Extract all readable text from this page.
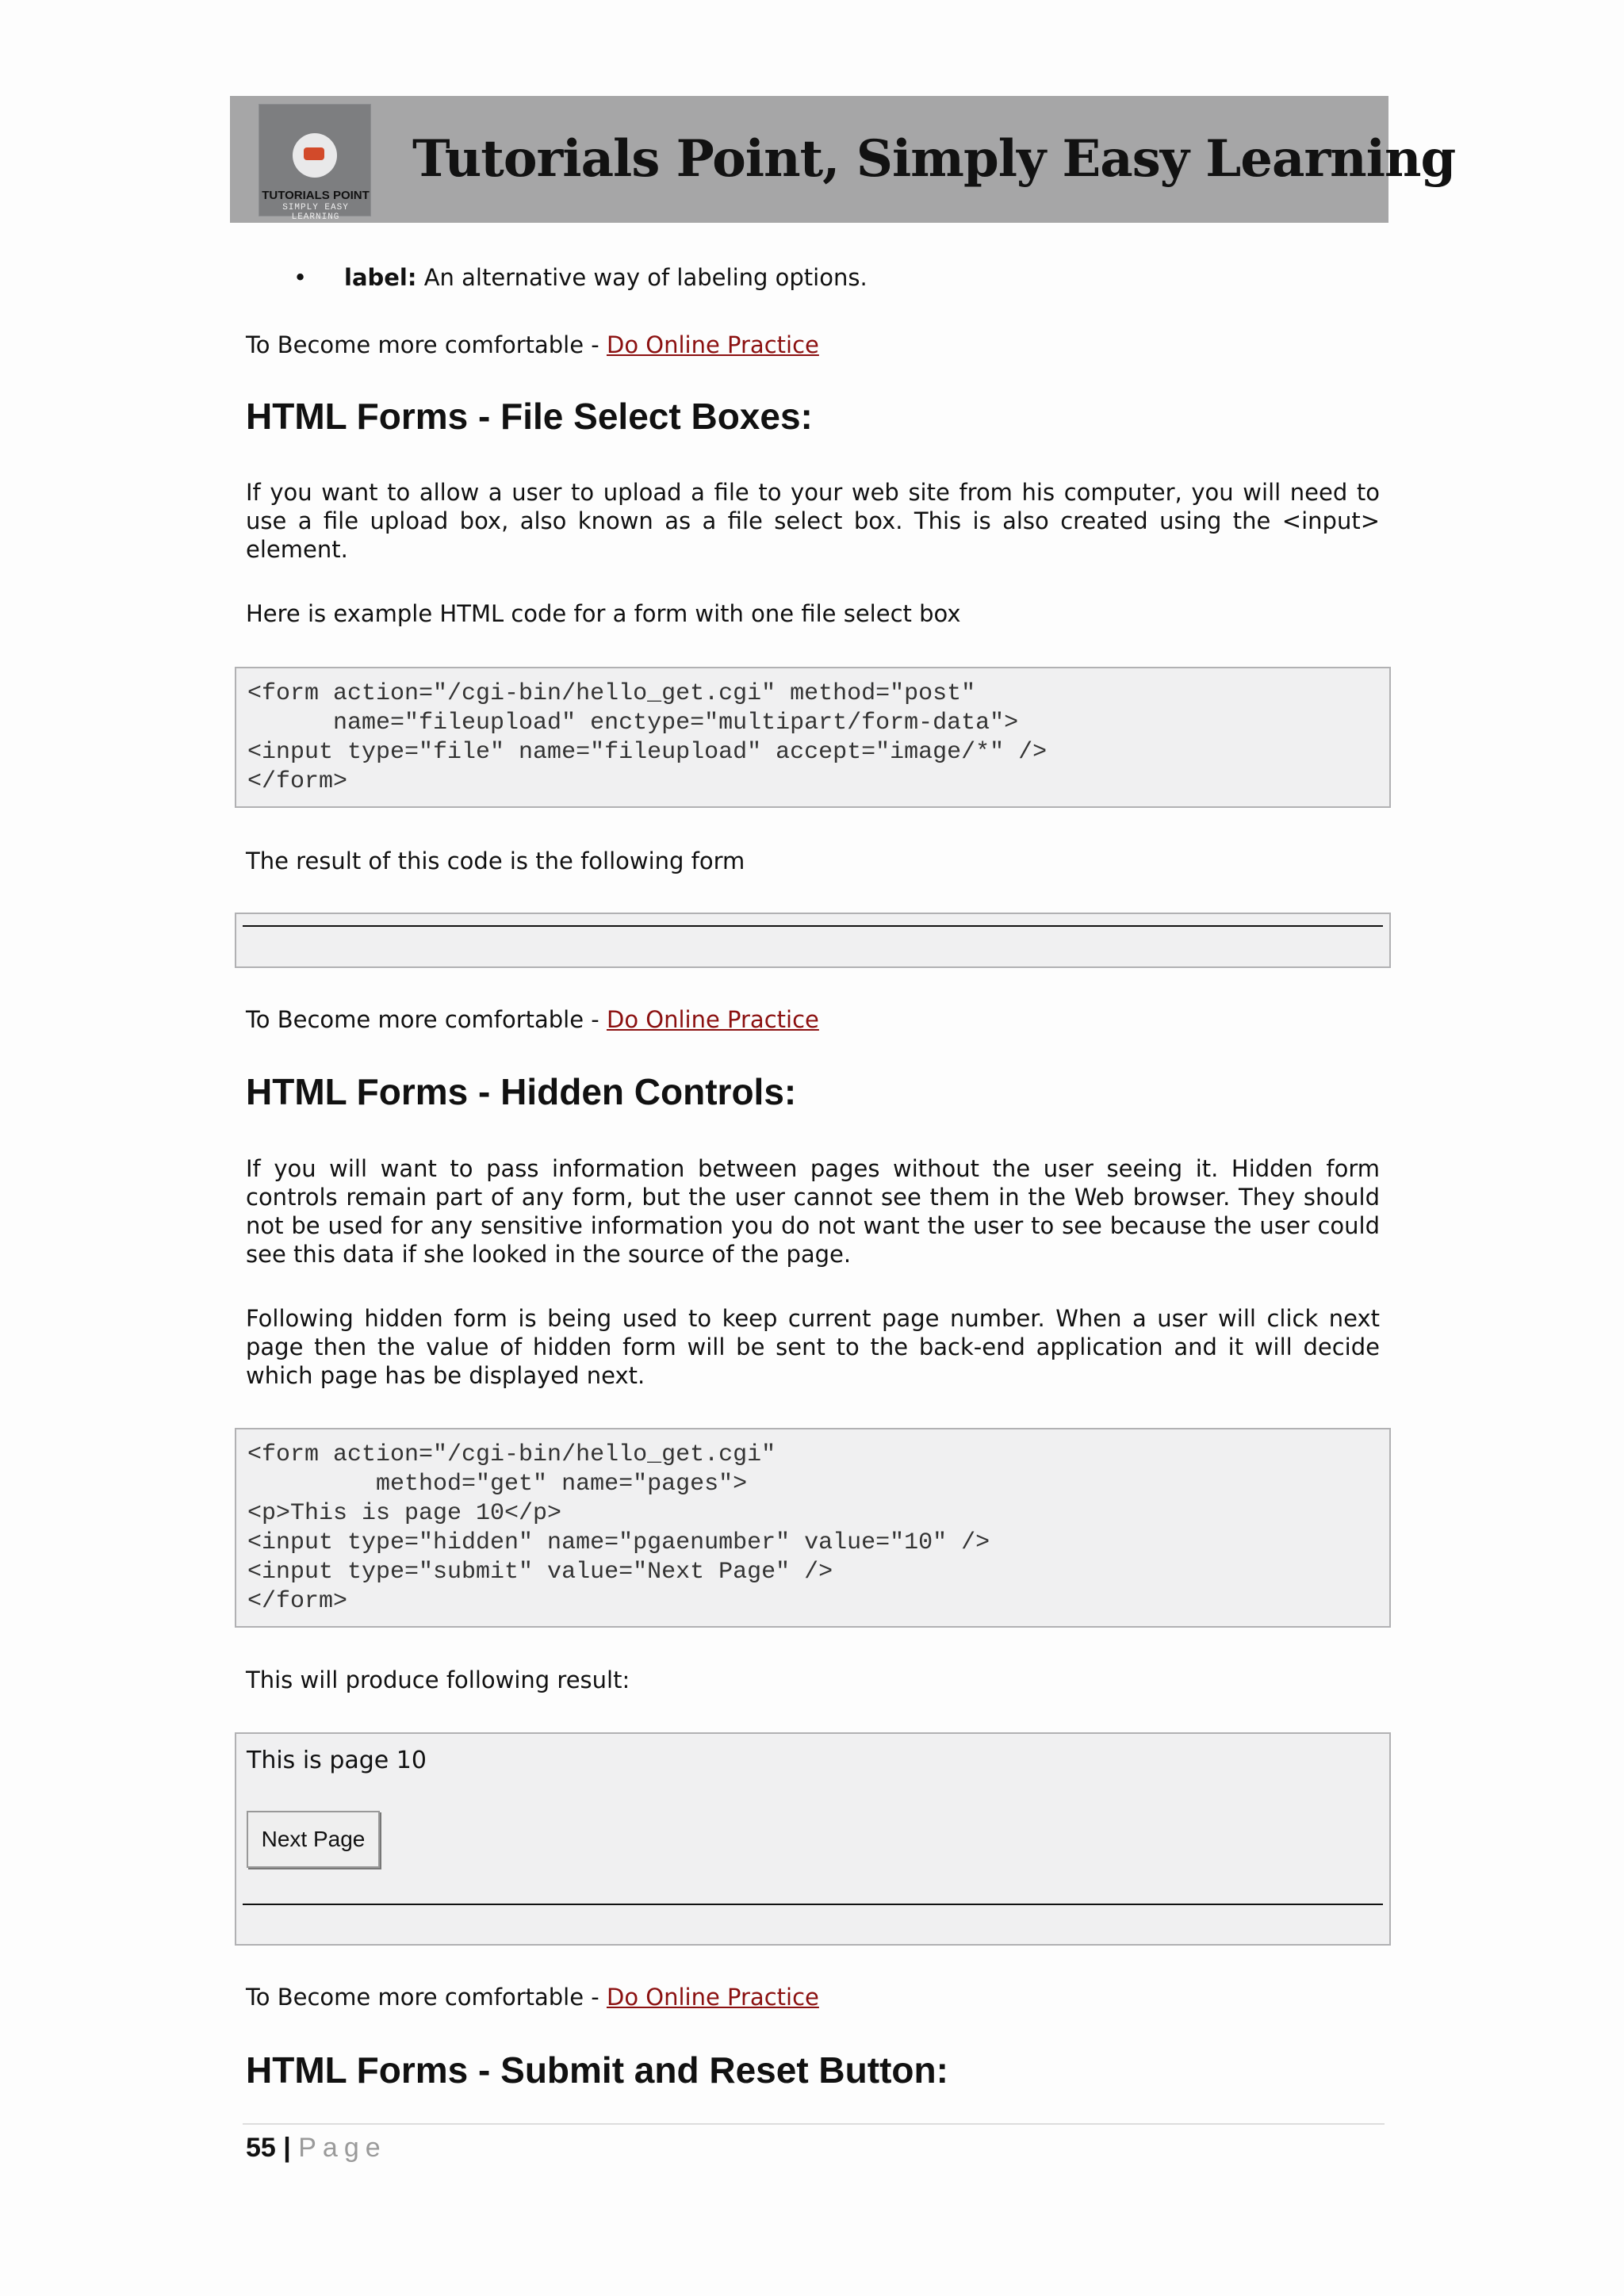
TUTORIALS POINT
SIMPLY EASY LEARNING
Tutorials Point, Simply Easy Learning
• label: An alternative way of labeling options.
To Become more comfortable - Do Online Practice
HTML Forms - File Select Boxes:
If you want to allow a user to upload a file to your web site from his computer, you will need to use a file upload box, also known as a file select box. This is also created using the <input> element.
Here is example HTML code for a form with one file select box
<form action="/cgi-bin/hello_get.cgi" method="post"
name="fileupload" enctype="multipart/form-data">
<input type="file" name="fileupload" accept="image/*" />
</form>
The result of this code is the following form
To Become more comfortable - Do Online Practice
HTML Forms - Hidden Controls:
If you will want to pass information between pages without the user seeing it. Hidden form controls remain part of any form, but the user cannot see them in the Web browser. They should not be used for any sensitive information you do not want the user to see because the user could see this data if she looked in the source of the page.
Following hidden form is being used to keep current page number. When a user will click next page then the value of hidden form will be sent to the back-end application and it will decide which page has be displayed next.
<form action="/cgi-bin/hello_get.cgi"
method="get" name="pages">
<p>This is page 10</p>
<input type="hidden" name="pgaenumber" value="10" />
<input type="submit" value="Next Page" />
</form>
This will produce following result:
This is page 10
Next Page
To Become more comfortable - Do Online Practice
HTML Forms - Submit and Reset Button:
55 | Page
